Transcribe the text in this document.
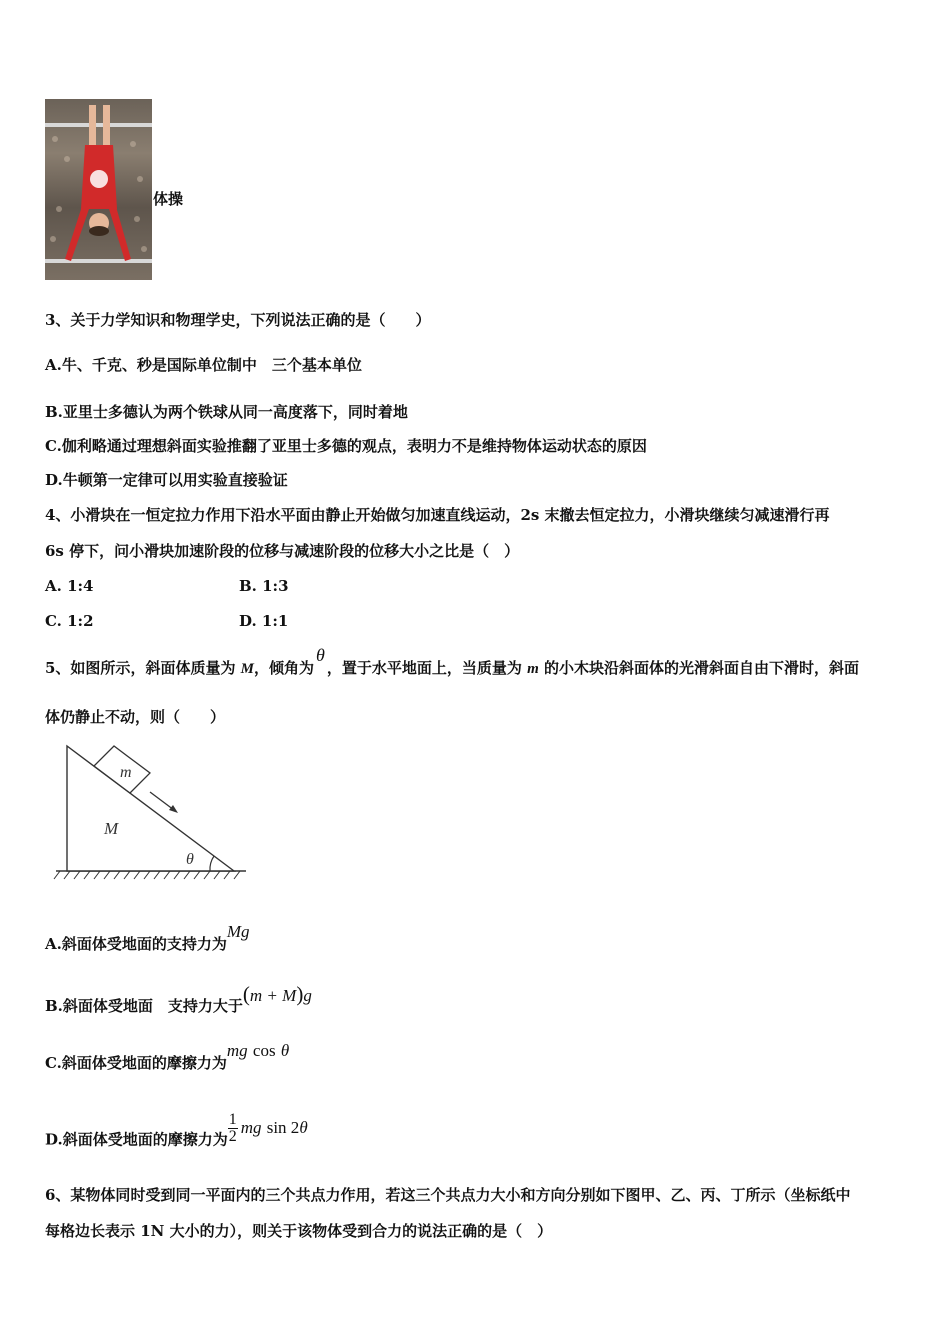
体操
3、关于力学知识和物理学史，下列说法正确的是（　　）
A.牛、千克、秒是国际单位制中　三个基本单位
B.亚里士多德认为两个铁球从同一高度落下，同时着地
C.伽利略通过理想斜面实验推翻了亚里士多德的观点，表明力不是维持物体运动状态的原因
D.牛顿第一定律可以用实验直接验证
4、小滑块在一恒定拉力作用下沿水平面由静止开始做匀加速直线运动，2s 末撤去恒定拉力，小滑块继续匀减速滑行再
6s 停下，问小滑块加速阶段的位移与减速阶段的位移大小之比是（　）
A. 1:4	B. 1:3
C. 1:2	D. 1:1
5、如图所示，斜面体质量为 M，倾角为θ，置于水平地面上，当质量为 m 的小木块沿斜面体的光滑斜面自由下滑时，斜面
体仍静止不动，则（　　）
m
M
θ
A.斜面体受地面的支持力为Mg
B.斜面体受地面　支持力大于(m + M)g
C.斜面体受地面的摩擦力为mg cos θ
D.斜面体受地面的摩擦力为 $\frac{1}{2}$ mg sin 2θ
6、某物体同时受到同一平面内的三个共点力作用，若这三个共点力大小和方向分别如下图甲、乙、丙、丁所示（坐标纸中
每格边长表示 1N 大小的力），则关于该物体受到合力的说法正确的是（　）
